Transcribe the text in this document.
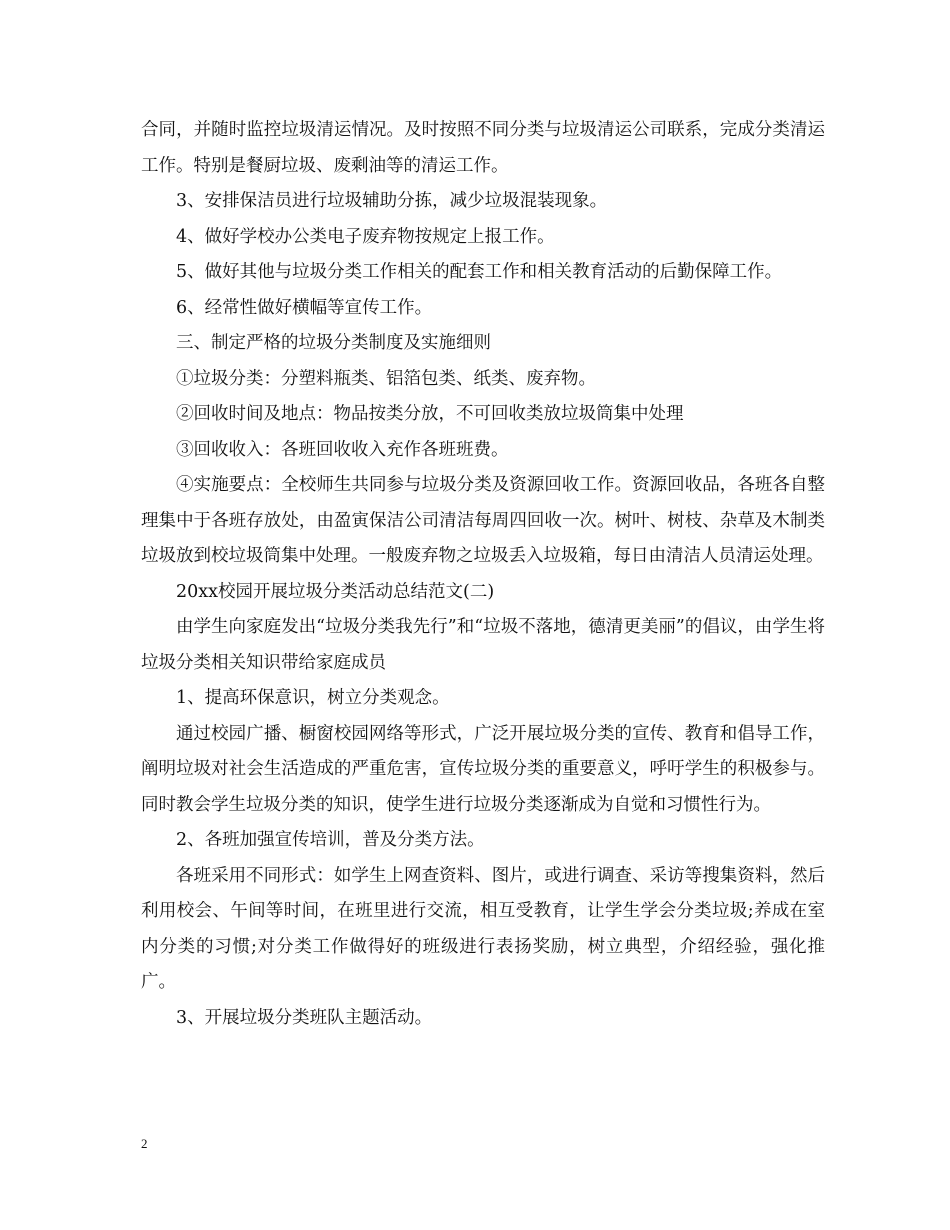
合同，并随时监控垃圾清运情况。及时按照不同分类与垃圾清运公司联系，完成分类清运工作。特别是餐厨垃圾、废剩油等的清运工作。

3、安排保洁员进行垃圾辅助分拣，减少垃圾混装现象。

4、做好学校办公类电子废弃物按规定上报工作。

5、做好其他与垃圾分类工作相关的配套工作和相关教育活动的后勤保障工作。

6、经常性做好横幅等宣传工作。

三、制定严格的垃圾分类制度及实施细则

①垃圾分类：分塑料瓶类、铝箔包类、纸类、废弃物。

②回收时间及地点：物品按类分放，不可回收类放垃圾筒集中处理

③回收收入：各班回收收入充作各班班费。

④实施要点：全校师生共同参与垃圾分类及资源回收工作。资源回收品，各班各自整理集中于各班存放处，由盈寅保洁公司清洁每周四回收一次。树叶、树枝、杂草及木制类垃圾放到校垃圾筒集中处理。一般废弃物之垃圾丢入垃圾箱，每日由清洁人员清运处理。

20xx校园开展垃圾分类活动总结范文(二)

由学生向家庭发出“垃圾分类我先行”和“垃圾不落地，德清更美丽”的倡议，由学生将垃圾分类相关知识带给家庭成员

1、提高环保意识，树立分类观念。

通过校园广播、橱窗校园网络等形式，广泛开展垃圾分类的宣传、教育和倡导工作，阐明垃圾对社会生活造成的严重危害，宣传垃圾分类的重要意义，呼吁学生的积极参与。同时教会学生垃圾分类的知识，使学生进行垃圾分类逐渐成为自觉和习惯性行为。

2、各班加强宣传培训，普及分类方法。

各班采用不同形式：如学生上网查资料、图片，或进行调查、采访等搜集资料，然后利用校会、午间等时间，在班里进行交流，相互受教育，让学生学会分类垃圾;养成在室内分类的习惯;对分类工作做得好的班级进行表扬奖励，树立典型，介绍经验，强化推广。

3、开展垃圾分类班队主题活动。

2
